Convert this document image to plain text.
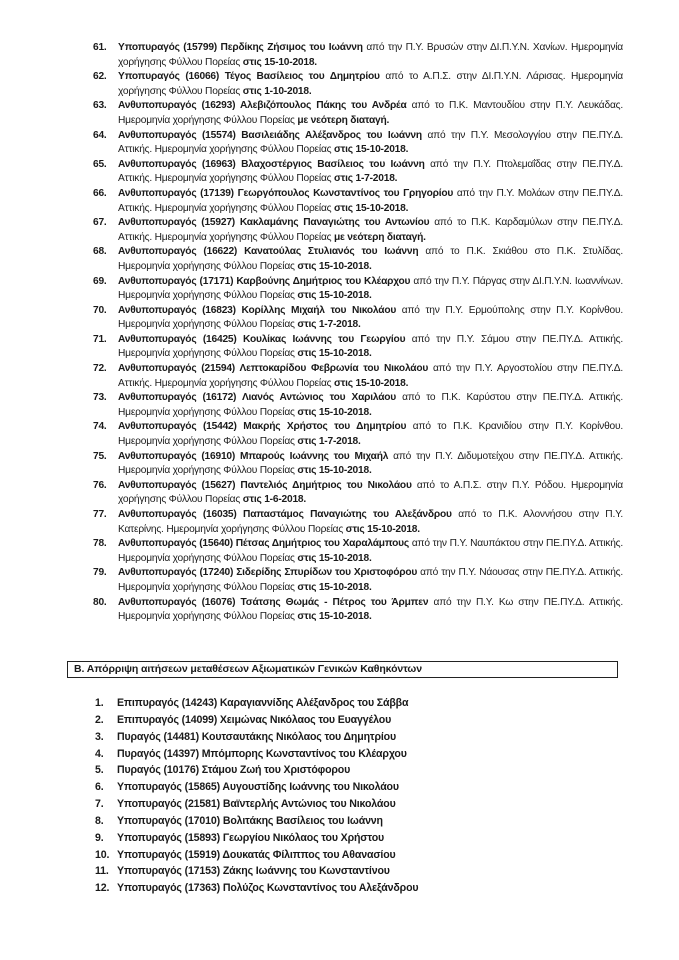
61. Υποπυραγός (15799) Περδίκης Ζήσιμος του Ιωάννη από την Π.Υ. Βρυσών στην ΔΙ.Π.Υ.Ν. Χανίων. Ημερομηνία χορήγησης Φύλλου Πορείας στις 15-10-2018.
62. Υποπυραγός (16066) Τέγος Βασίλειος του Δημητρίου από το Α.Π.Σ. στην ΔΙ.Π.Υ.Ν. Λάρισας. Ημερομηνία χορήγησης Φύλλου Πορείας στις 1-10-2018.
63. Ανθυποπυραγός (16293) Αλεβιζόπουλος Πάκης του Ανδρέα από το Π.Κ. Μαντουδίου στην Π.Υ. Λευκάδας. Ημερομηνία χορήγησης Φύλλου Πορείας με νεότερη διαταγή.
64. Ανθυποπυραγός (15574) Βασιλειάδης Αλέξανδρος του Ιωάννη από την Π.Υ. Μεσολογγίου στην ΠΕ.ΠΥ.Δ. Αττικής. Ημερομηνία χορήγησης Φύλλου Πορείας στις 15-10-2018.
65. Ανθυποπυραγός (16963) Βλαχοστέργιος Βασίλειος του Ιωάννη από την Π.Υ. Πτολεμαΐδας στην ΠΕ.ΠΥ.Δ. Αττικής. Ημερομηνία χορήγησης Φύλλου Πορείας στις 1-7-2018.
66. Ανθυποπυραγός (17139) Γεωργόπουλος Κωνσταντίνος του Γρηγορίου από την Π.Υ. Μολάων στην ΠΕ.ΠΥ.Δ. Αττικής. Ημερομηνία χορήγησης Φύλλου Πορείας στις 15-10-2018.
67. Ανθυποπυραγός (15927) Κακλαμάνης Παναγιώτης του Αντωνίου από το Π.Κ. Καρδαμύλων στην ΠΕ.ΠΥ.Δ. Αττικής. Ημερομηνία χορήγησης Φύλλου Πορείας με νεότερη διαταγή.
68. Ανθυποπυραγός (16622) Κανατούλας Στυλιανός του Ιωάννη από το Π.Κ. Σκιάθου στο Π.Κ. Στυλίδας. Ημερομηνία χορήγησης Φύλλου Πορείας στις 15-10-2018.
69. Ανθυποπυραγός (17171) Καρβούνης Δημήτριος του Κλέαρχου από την Π.Υ. Πάργας στην ΔΙ.Π.Υ.Ν. Ιωαννίνων. Ημερομηνία χορήγησης Φύλλου Πορείας στις 15-10-2018.
70. Ανθυποπυραγός (16823) Κορίλλης Μιχαήλ του Νικολάου από την Π.Υ. Ερμούπολης στην Π.Υ. Κορίνθου. Ημερομηνία χορήγησης Φύλλου Πορείας στις 1-7-2018.
71. Ανθυποπυραγός (16425) Κουλίκας Ιωάννης του Γεωργίου από την Π.Υ. Σάμου στην ΠΕ.ΠΥ.Δ. Αττικής. Ημερομηνία χορήγησης Φύλλου Πορείας στις 15-10-2018.
72. Ανθυποπυραγός (21594) Λεπτοκαρίδου Φεβρωνία του Νικολάου από την Π.Υ. Αργοστολίου στην ΠΕ.ΠΥ.Δ. Αττικής. Ημερομηνία χορήγησης Φύλλου Πορείας στις 15-10-2018.
73. Ανθυποπυραγός (16172) Λιανός Αντώνιος του Χαριλάου από το Π.Κ. Καρύστου στην ΠΕ.ΠΥ.Δ. Αττικής. Ημερομηνία χορήγησης Φύλλου Πορείας στις 15-10-2018.
74. Ανθυποπυραγός (15442) Μακρής Χρήστος του Δημητρίου από το Π.Κ. Κρανιδίου στην Π.Υ. Κορίνθου. Ημερομηνία χορήγησης Φύλλου Πορείας στις 1-7-2018.
75. Ανθυποπυραγός (16910) Μπαρούς Ιωάννης του Μιχαήλ από την Π.Υ. Διδυμοτείχου στην ΠΕ.ΠΥ.Δ. Αττικής. Ημερομηνία χορήγησης Φύλλου Πορείας στις 15-10-2018.
76. Ανθυποπυραγός (15627) Παντελιός Δημήτριος του Νικολάου από το Α.Π.Σ. στην Π.Υ. Ρόδου. Ημερομηνία χορήγησης Φύλλου Πορείας στις 1-6-2018.
77. Ανθυποπυραγός (16035) Παπαστάμος Παναγιώτης του Αλεξάνδρου από το Π.Κ. Αλοννήσου στην Π.Υ. Κατερίνης. Ημερομηνία χορήγησης Φύλλου Πορείας στις 15-10-2018.
78. Ανθυποπυραγός (15640) Πέτσας Δημήτριος του Χαραλάμπους από την Π.Υ. Ναυπάκτου στην ΠΕ.ΠΥ.Δ. Αττικής. Ημερομηνία χορήγησης Φύλλου Πορείας στις 15-10-2018.
79. Ανθυποπυραγός (17240) Σιδερίδης Σπυρίδων του Χριστοφόρου από την Π.Υ. Νάουσας στην ΠΕ.ΠΥ.Δ. Αττικής. Ημερομηνία χορήγησης Φύλλου Πορείας στις 15-10-2018.
80. Ανθυποπυραγός (16076) Τσάτσης Θωμάς - Πέτρος του Άρμπεν από την Π.Υ. Κω στην ΠΕ.ΠΥ.Δ. Αττικής. Ημερομηνία χορήγησης Φύλλου Πορείας στις 15-10-2018.
Β. Απόρριψη αιτήσεων μεταθέσεων Αξιωματικών Γενικών Καθηκόντων
1. Επιπυραγός (14243) Καραγιαννίδης Αλέξανδρος του Σάββα
2. Επιπυραγός (14099) Χειμώνας Νικόλαος του Ευαγγέλου
3. Πυραγός (14481) Κουτσαυτάκης Νικόλαος του Δημητρίου
4. Πυραγός (14397) Μπόμπορης Κωνσταντίνος του Κλέαρχου
5. Πυραγός (10176) Στάμου Ζωή του Χριστόφορου
6. Υποπυραγός (15865) Αυγουστίδης Ιωάννης του Νικολάου
7. Υποπυραγός (21581) Βαϊντερλής Αντώνιος του Νικολάου
8. Υποπυραγός (17010) Βολιτάκης Βασίλειος του Ιωάννη
9. Υποπυραγός (15893) Γεωργίου Νικόλαος του Χρήστου
10. Υποπυραγός (15919) Δουκατάς Φίλιππος του Αθανασίου
11. Υποπυραγός (17153) Ζάκης Ιωάννης του Κωνσταντίνου
12. Υποπυραγός (17363) Πολύζος Κωνσταντίνος του Αλεξάνδρου
